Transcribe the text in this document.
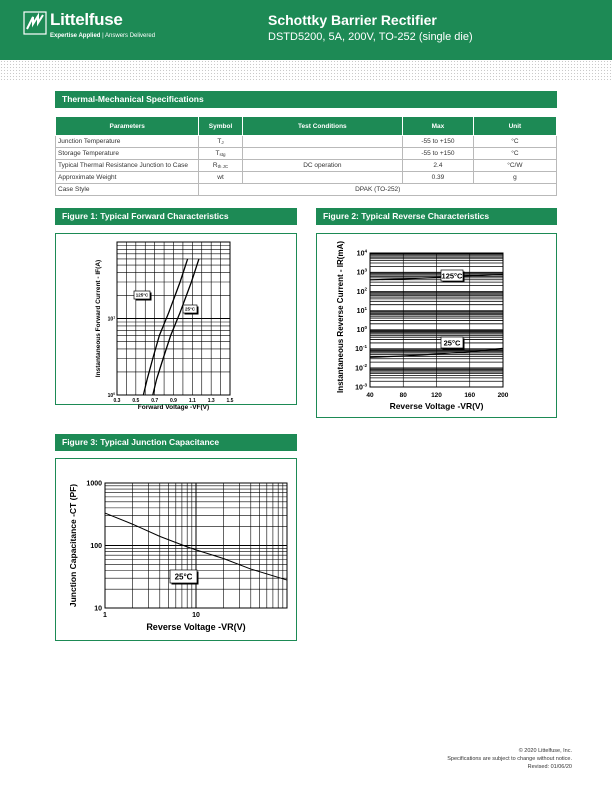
Littelfuse
Expertise Applied | Answers Delivered
Schottky Barrier Rectifier
DSTD5200, 5A, 200V, TO-252 (single die)
Thermal-Mechanical Specifications
Parameters	Symbol	Test Conditions	Max	Unit
Junction Temperature	$T_J$		-55 to +150	°C
Storage Temperature	$T_{stg}$		-55 to +150	°C
Typical Thermal Resistance Junction to Case	$R_{th JC}$	DC operation	2.4	°C/W
Approximate Weight	wt		0.39	g
Case Style	DPAK (TO-252)			
Figure 1: Typical Forward Characteristics
0.3 0.5 0.7 0.9 1.1 1.3 1.5
$10^0$
$10^1$
Forward Voltage -VF(V)
Instantaneous Forward Current - IF(A)	125°C
25°C
Figure 2: Typical Reverse Characteristics
$10^4$
$10^3$
$10^2$
$10^1$
$10^0$
$10^{-1}$
$10^{-2}$
$10^{-3}$
40	80	120	160	200
Reverse Voltage -VR(V)
Instantaneous Reverse Current - IR(mA)	125°C
25°C
Figure 3: Typical Junction Capacitance
1000
100
10
1	10
Reverse Voltage -VR(V)
Junction Capacitance -CT (PF)	25°C
© 2020 Littelfuse, Inc.
Specifications are subject to change without notice.
Revised: 01/06/20
